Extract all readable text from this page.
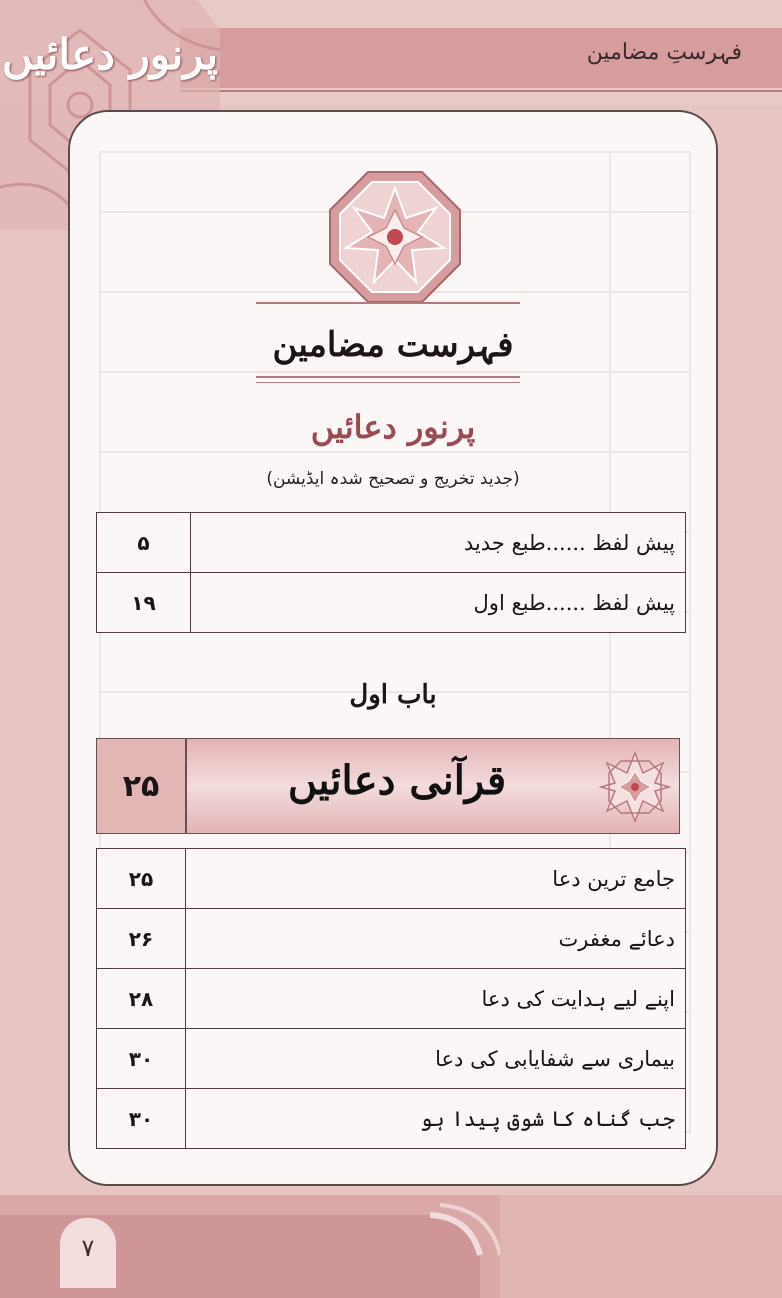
فہرستِ مضامین
پرنور دعائیں
۷
فہرست مضامین
پرنور دعائیں
(جدید تخریج و تصحیح شدہ ایڈیشن)
۵	پیش لفظ ......طبع جدید
۱۹	پیش لفظ ......طبع اول
باب اول
۲۵	قرآنی دعائیں
۲۵	جامع ترین دعا
۲۶	دعائے مغفرت
۲۸	اپنے لیے ہدایت کی دعا
۳۰	بیماری سے شفایابی کی دعا
۳۰	جب گناہ کا شوق پیدا ہو
